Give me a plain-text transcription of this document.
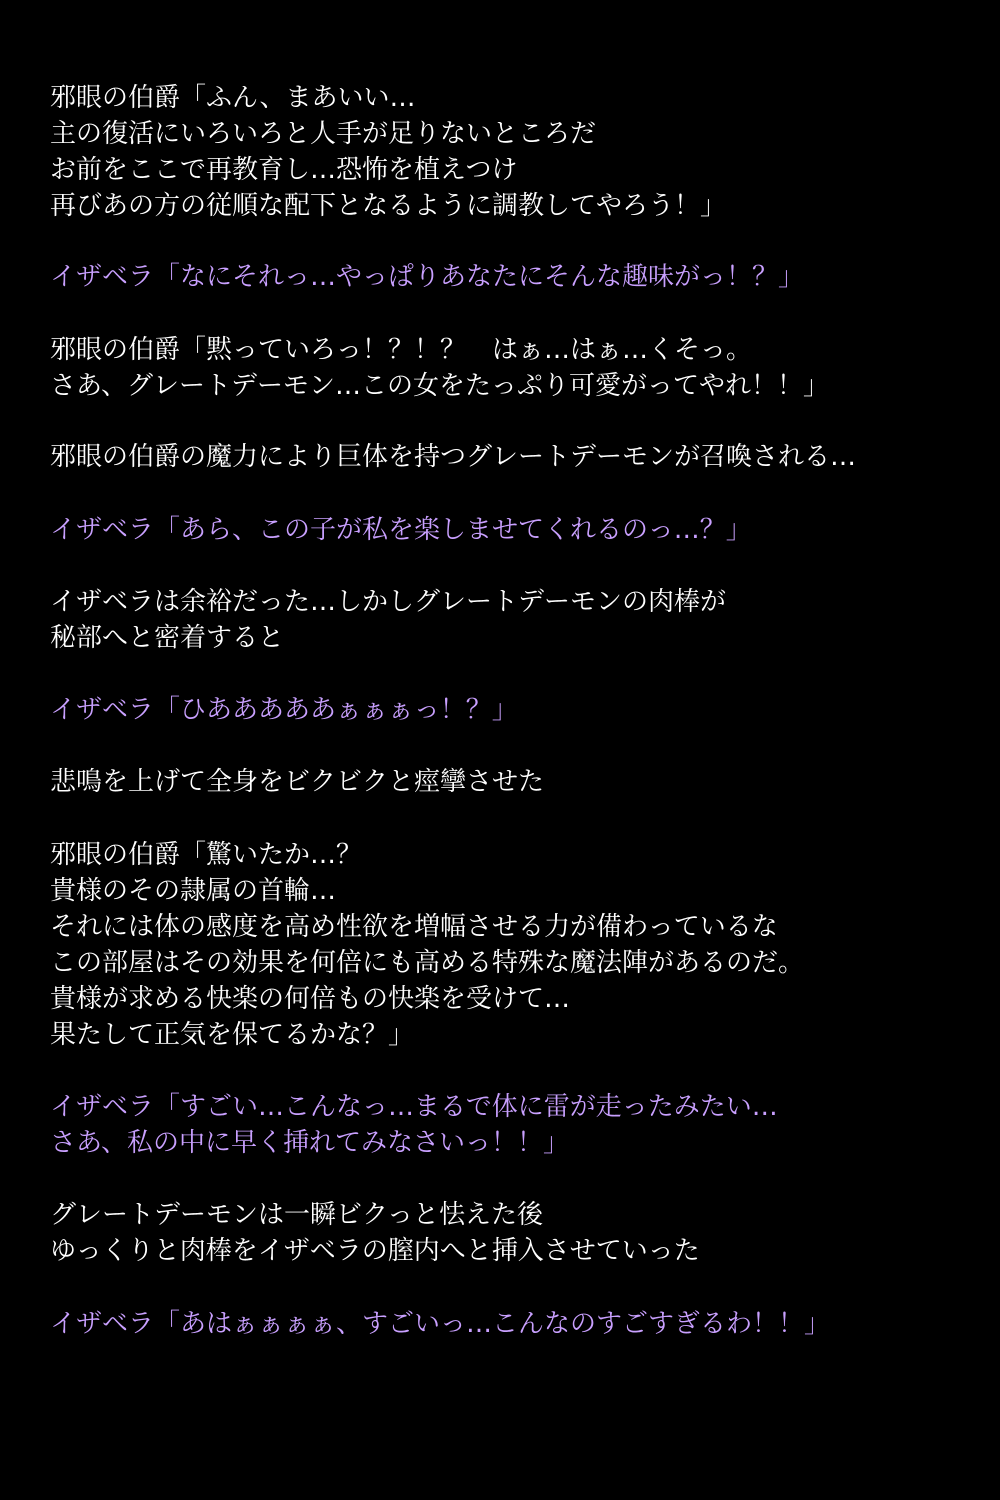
邪眼の伯爵「ふん、まあいい…
主の復活にいろいろと人手が足りないところだ
お前をここで再教育し…恐怖を植えつけ
再びあの方の従順な配下となるように調教してやろう！」
イザベラ「なにそれっ…やっぱりあなたにそんな趣味がっ！？」
邪眼の伯爵「黙っていろっ！？！？　はぁ…はぁ…くそっ。
さあ、グレートデーモン…この女をたっぷり可愛がってやれ！！」
邪眼の伯爵の魔力により巨体を持つグレートデーモンが召喚される…
イザベラ「あら、この子が私を楽しませてくれるのっ…？」
イザベラは余裕だった…しかしグレートデーモンの肉棒が
秘部へと密着すると
イザベラ「ひあああああぁぁぁっ！？」
悲鳴を上げて全身をビクビクと痙攣させた
邪眼の伯爵「驚いたか…？
貴様のその隷属の首輪…
それには体の感度を高め性欲を増幅させる力が備わっているな
この部屋はその効果を何倍にも高める特殊な魔法陣があるのだ。
貴様が求める快楽の何倍もの快楽を受けて…
果たして正気を保てるかな？」
イザベラ「すごい…こんなっ…まるで体に雷が走ったみたい…
さあ、私の中に早く挿れてみなさいっ！！」
グレートデーモンは一瞬ビクっと怯えた後
ゆっくりと肉棒をイザベラの膣内へと挿入させていった
イザベラ「あはぁぁぁぁ、すごいっ…こんなのすごすぎるわ！！」
